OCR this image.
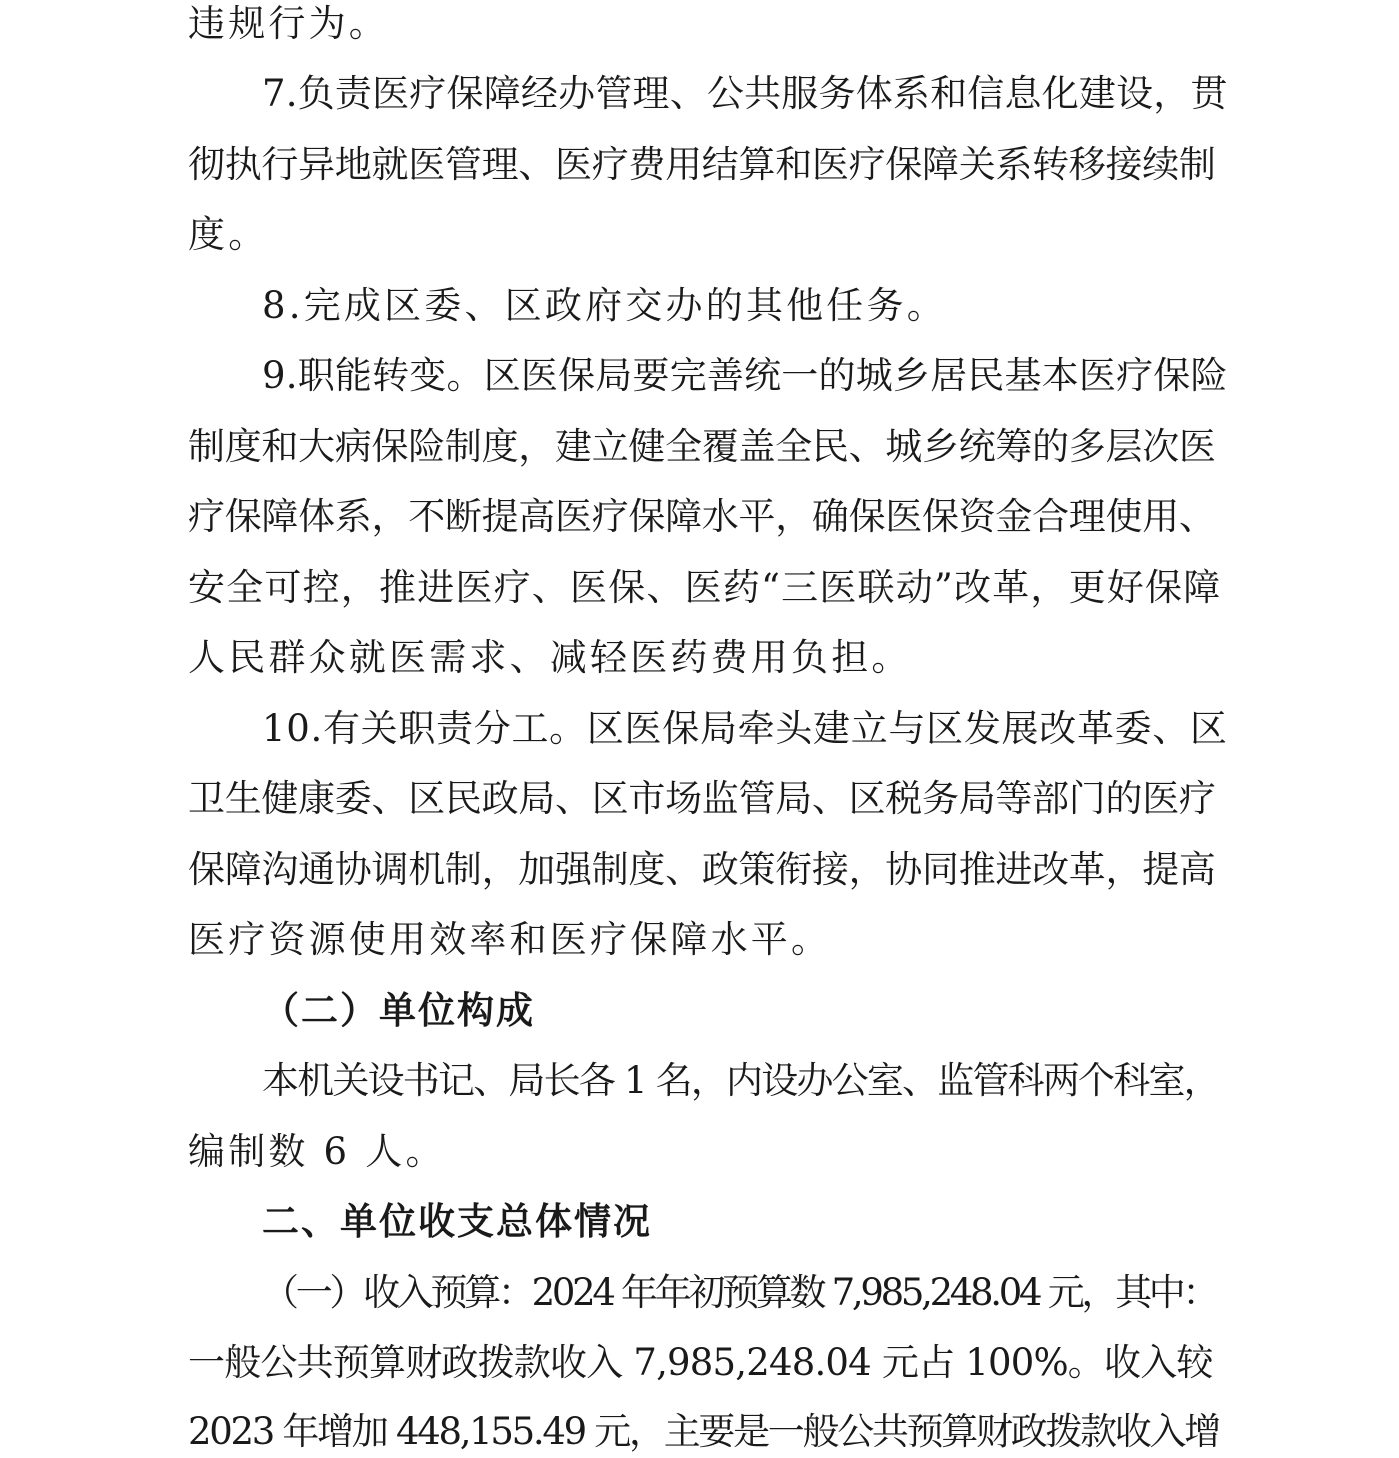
违规行为。
7.负责医疗保障经办管理、公共服务体系和信息化建设，贯
彻执行异地就医管理、医疗费用结算和医疗保障关系转移接续制
度。
8.完成区委、区政府交办的其他任务。
9.职能转变。区医保局要完善统一的城乡居民基本医疗保险
制度和大病保险制度，建立健全覆盖全民、城乡统筹的多层次医
疗保障体系，不断提高医疗保障水平，确保医保资金合理使用、
安全可控，推进医疗、医保、医药“三医联动”改革，更好保障
人民群众就医需求、减轻医药费用负担。
10.有关职责分工。区医保局牵头建立与区发展改革委、区
卫生健康委、区民政局、区市场监管局、区税务局等部门的医疗
保障沟通协调机制，加强制度、政策衔接，协同推进改革，提高
医疗资源使用效率和医疗保障水平。
（二）单位构成
本机关设书记、局长各 1 名，内设办公室、监管科两个科室，
编制数 6 人。
二、单位收支总体情况
（一）收入预算：2024 年年初预算数 7,985,248.04 元，其中：
一般公共预算财政拨款收入 7,985,248.04 元占 100%。收入较
2023 年增加 448,155.49 元，主要是一般公共预算财政拨款收入增
